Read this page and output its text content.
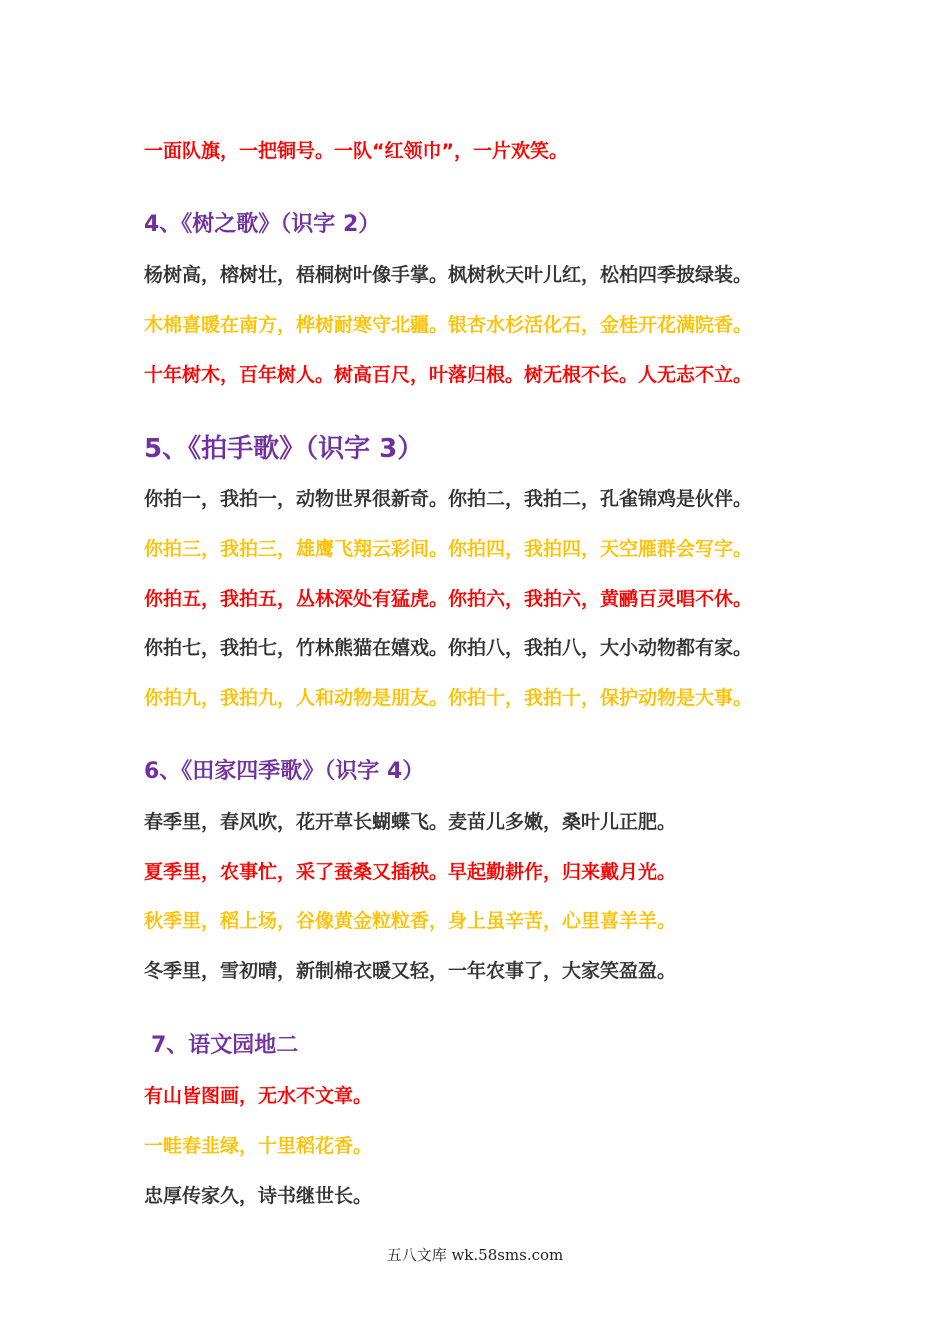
一面队旗，一把铜号。一队“红领巾”，一片欢笑。
4、《树之歌》（识字 2）
杨树高，榕树壮，梧桐树叶像手掌。枫树秋天叶儿红，松柏四季披绿装。
木棉喜暖在南方，桦树耐寒守北疆。银杏水杉活化石，金桂开花满院香。
十年树木，百年树人。树高百尺，叶落归根。树无根不长。人无志不立。
5、《拍手歌》（识字 3）
你拍一，我拍一，动物世界很新奇。你拍二，我拍二，孔雀锦鸡是伙伴。
你拍三，我拍三，雄鹰飞翔云彩间。你拍四，我拍四，天空雁群会写字。
你拍五，我拍五，丛林深处有猛虎。你拍六，我拍六，黄鹂百灵唱不休。
你拍七，我拍七，竹林熊猫在嬉戏。你拍八，我拍八，大小动物都有家。
你拍九，我拍九，人和动物是朋友。你拍十，我拍十，保护动物是大事。
6、《田家四季歌》（识字 4）
春季里，春风吹，花开草长蝴蝶飞。麦苗儿多嫩，桑叶儿正肥。
夏季里，农事忙，采了蚕桑又插秧。早起勤耕作，归来戴月光。
秋季里，稻上场，谷像黄金粒粒香，身上虽辛苦，心里喜羊羊。
冬季里，雪初晴，新制棉衣暖又轻，一年农事了，大家笑盈盈。
7、语文园地二
有山皆图画，无水不文章。
一畦春韭绿，十里稻花香。
忠厚传家久，诗书继世长。
五八文库 wk.58sms.com
